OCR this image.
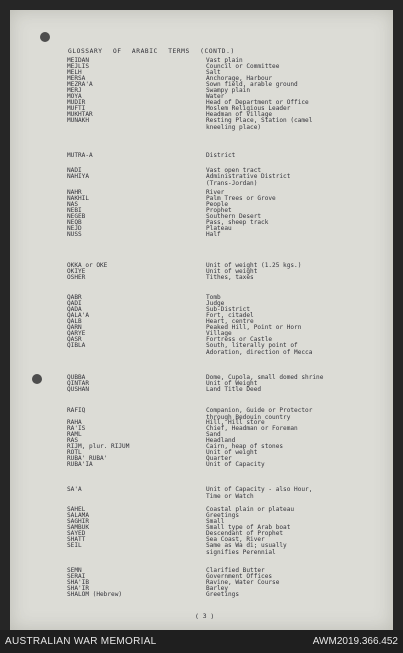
GLOSSARY OF ARABIC TERMS (CONTD.)
MEIDAN	Vast plain
MEJLIS	Council or Committee
MELH	Salt
MERSA	Anchorage, Harbour
MEZRA'A	Sown field, arable ground
MERJ	Swampy plain
MOYA	Water
MUDIR	Head of Department or Office
MUFTI	Moslem Religious Leader
MUKHTAR	Headman of Village
MUNAKH	Resting Place, Station (camel
kneeling place)
MUTRA-A	District
NADI	Vast open tract
NAHIYA	Administrative District
(Trans-Jordan)
NAHR	River
NAKHIL	Palm Trees or Grove
NAS	People
NEBI	Prophet
NEGEB	Southern Desert
NEQB	Pass, sheep track
NEJD	Plateau
NUSS	Half
OKKA or OKE	Unit of weight (1.25 kgs.)
OKIYE	Unit of weight
OSHER	Tithes, taxes
QABR	Tomb
QADI	Judge
QADA	Sub-District
QALA'A	Fort, citadel
QALB	Heart, centre
QARN	Peaked Hill, Point or Horn
QARYE	Village
QASR	Fortress or Castle
QIBLA	South, literally point of
Adoration, direction of Mecca
QUBBA	Dome, Cupola, small domed shrine
QINTAR	Unit of Weight
QUSHAN	Land Title Deed
RAFIQ	Companion, Guide or Protector
through Bedouin country
RAHA	Hill, Hill store
RA'IS	Chief, Headman or Foreman
RAML	Sand
RAS	Headland
RIJM, plur. RIJUM	Cairn, heap of stones
ROTL	Unit of weight
RUBA' RUBA'	Quarter
RUBA'IA	Unit of Capacity
SA'A	Unit of Capacity - also Hour,
Time or Watch
SAHEL	Coastal plain or plateau
SALAMA	Greetings
SAGHIR	Small
SAMBUK	Small type of Arab boat
SAYED	Descendant of Prophet
SHATT	Sea Coast, River
SEIL	Same as Wa di; usually
signifies Perennial
SEMN	Clarified Butter
SERAI	Government Offices
SHA'IB	Ravine, Water Course
SHA'IR	Barley
SHALOM (Hebrew)	Greetings
( 3 )
AUSTRALIAN WAR MEMORIAL	AWM2019.366.452
